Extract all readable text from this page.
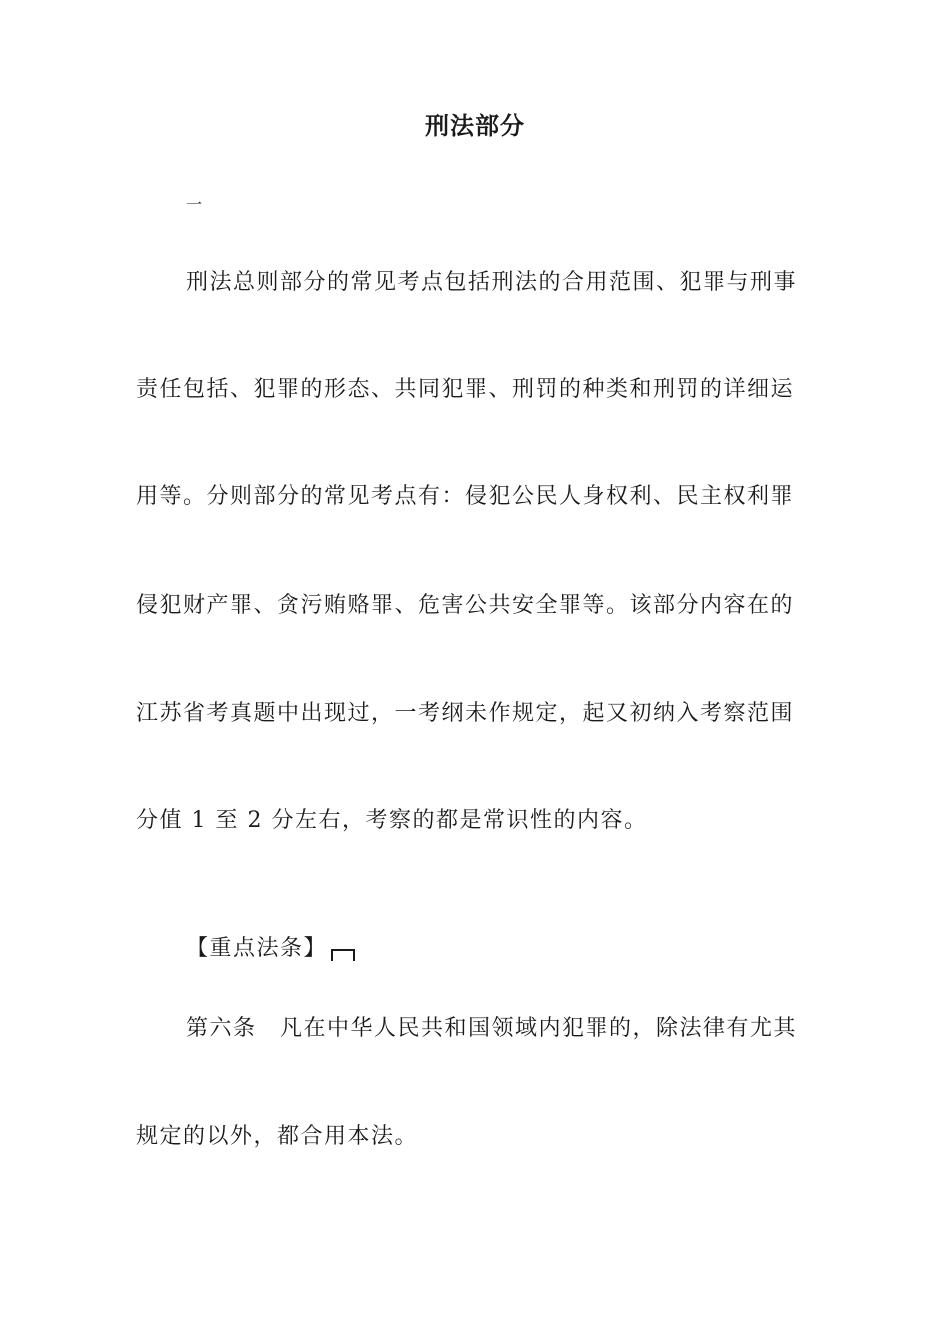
刑法部分
一
刑法总则部分的常见考点包括刑法的合用范围、犯罪与刑事
责任包括、犯罪的形态、共同犯罪、刑罚的种类和刑罚的详细运
用等。分则部分的常见考点有：侵犯公民人身权利、民主权利罪
侵犯财产罪、贪污贿赂罪、危害公共安全罪等。该部分内容在的
江苏省考真题中出现过，一考纲未作规定，起又初纳入考察范围
分值 1 至 2 分左右，考察的都是常识性的内容。
【重点法条】
第六条　凡在中华人民共和国领域内犯罪的，除法律有尤其
规定的以外，都合用本法。
